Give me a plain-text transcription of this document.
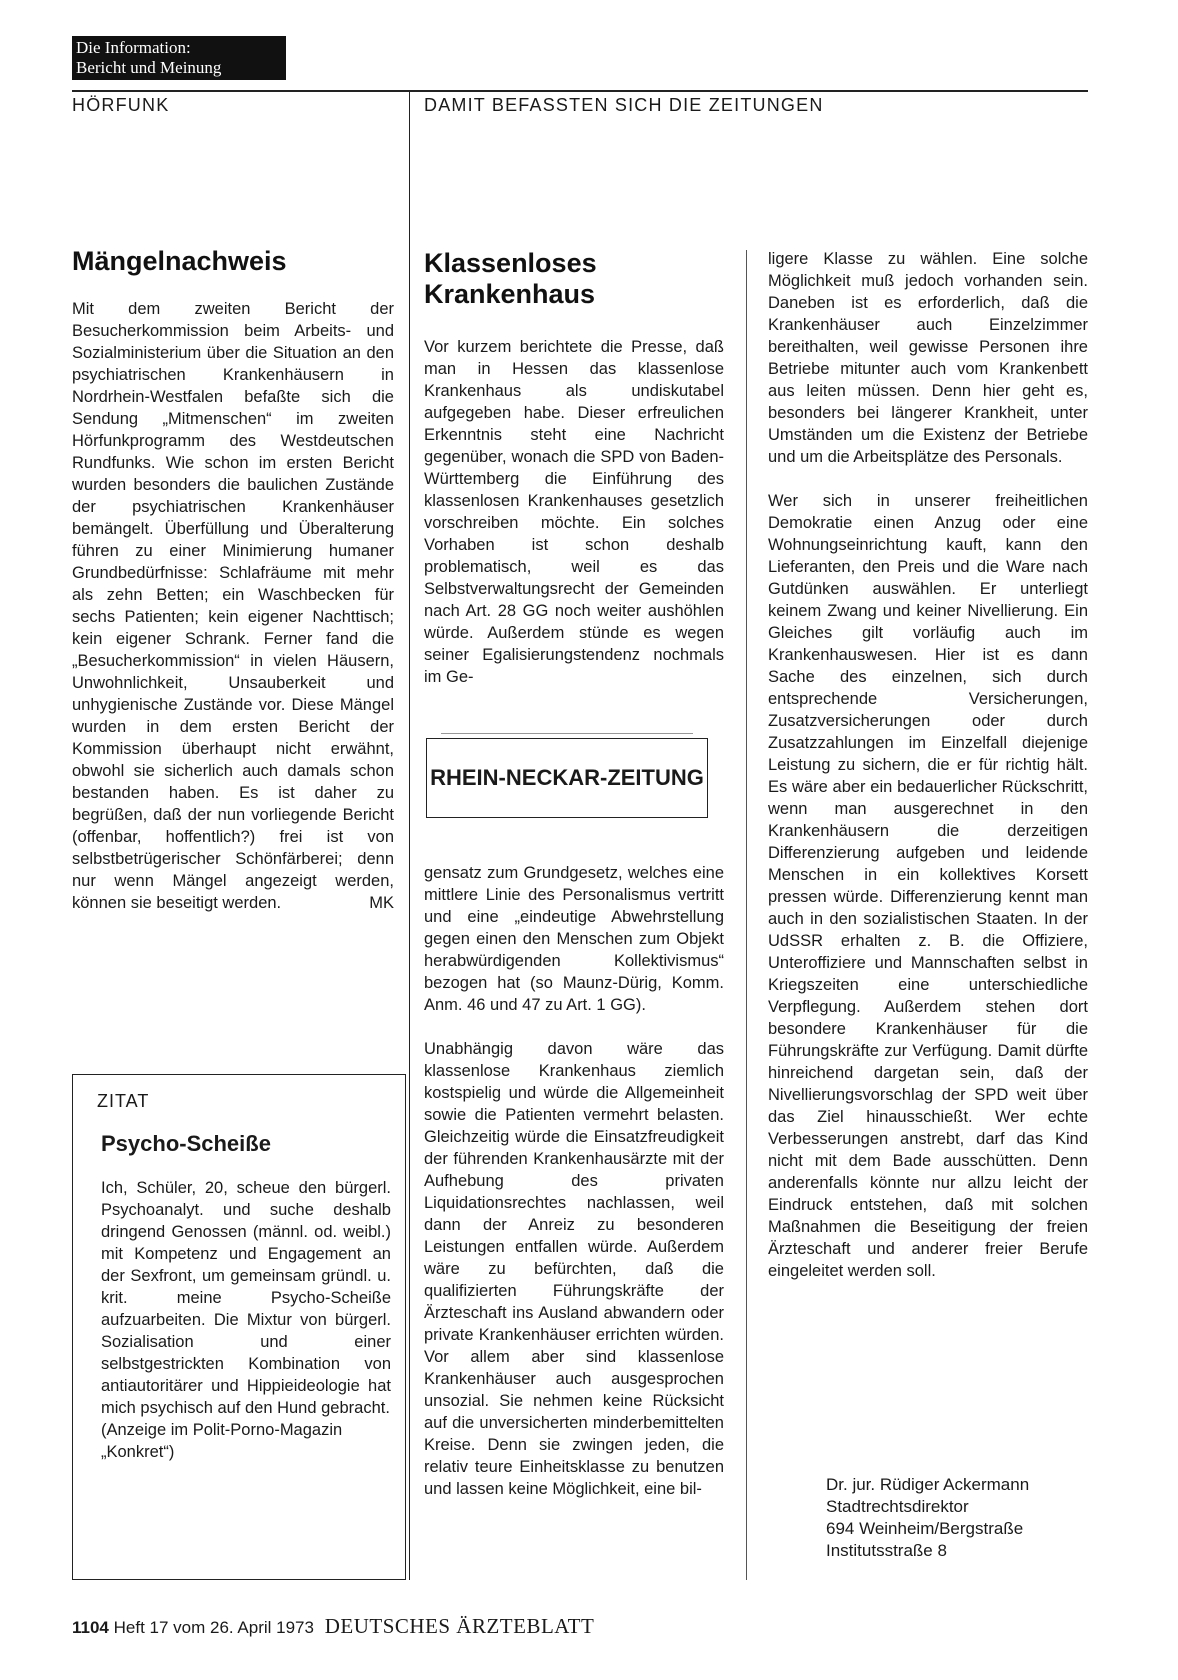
Die Information:
Bericht und Meinung
HÖRFUNK	DAMIT BEFASSTEN SICH DIE ZEITUNGEN
Mängelnachweis

Mit dem zweiten Bericht der Besucherkommission beim Arbeits- und Sozialministerium über die Situation an den psychiatrischen Krankenhäusern in Nordrhein-Westfalen befaßte sich die Sendung „Mitmenschen“ im zweiten Hörfunkprogramm des Westdeutschen Rundfunks. Wie schon im ersten Bericht wurden besonders die baulichen Zustände der psychiatrischen Krankenhäuser bemängelt. Überfüllung und Überalterung führen zu einer Minimierung humaner Grundbedürfnisse: Schlafräume mit mehr als zehn Betten; ein Waschbecken für sechs Patienten; kein eigener Nachttisch; kein eigener Schrank. Ferner fand die „Besucherkommission“ in vielen Häusern, Unwohnlichkeit, Unsauberkeit und unhygienische Zustände vor. Diese Mängel wurden in dem ersten Bericht der Kommission überhaupt nicht erwähnt, obwohl sie sicherlich auch damals schon bestanden haben. Es ist daher zu begrüßen, daß der nun vorliegende Bericht (offenbar, hoffentlich?) frei ist von selbstbetrügerischer Schönfärberei; denn nur wenn Mängel angezeigt werden, können sie beseitigt werden.	MK

ZITAT
Psycho-Scheiße

Ich, Schüler, 20, scheue den bürgerl. Psychoanalyt. und suche deshalb dringend Genossen (männl. od. weibl.) mit Kompetenz und Engagement an der Sexfront, um gemeinsam gründl. u. krit. meine Psycho-Scheiße aufzuarbeiten. Die Mixtur von bürgerl. Sozialisation und einer selbstgestrickten Kombination von antiautoritärer und Hippieideologie hat mich psychisch auf den Hund gebracht.

(Anzeige im Polit-Porno-Magazin „Konkret“)

Klassenloses Krankenhaus

Vor kurzem berichtete die Presse, daß man in Hessen das klassenlose Krankenhaus als undiskutabel aufgegeben habe. Dieser erfreulichen Erkenntnis steht eine Nachricht gegenüber, wonach die SPD von Baden-Württemberg die Einführung des klassenlosen Krankenhauses gesetzlich vorschreiben möchte. Ein solches Vorhaben ist schon deshalb problematisch, weil es das Selbstverwaltungsrecht der Gemeinden nach Art. 28 GG noch weiter aushöhlen würde. Außerdem stünde es wegen seiner Egalisierungstendenz nochmals im Ge-

RHEIN-NECKAR-ZEITUNG

gensatz zum Grundgesetz, welches eine mittlere Linie des Personalismus vertritt und eine „eindeutige Abwehrstellung gegen einen den Menschen zum Objekt herabwürdigenden Kollektivismus“ bezogen hat (so Maunz-Dürig, Komm. Anm. 46 und 47 zu Art. 1 GG).

Unabhängig davon wäre das klassenlose Krankenhaus ziemlich kostspielig und würde die Allgemeinheit sowie die Patienten vermehrt belasten. Gleichzeitig würde die Einsatzfreudigkeit der führenden Krankenhausärzte mit der Aufhebung des privaten Liquidationsrechtes nachlassen, weil dann der Anreiz zu besonderen Leistungen entfallen würde. Außerdem wäre zu befürchten, daß die qualifizierten Führungskräfte der Ärzteschaft ins Ausland abwandern oder private Krankenhäuser errichten würden. Vor allem aber sind klassenlose Krankenhäuser auch ausgesprochen unsozial. Sie nehmen keine Rücksicht auf die unversicherten minderbemittelten Kreise. Denn sie zwingen jeden, die relativ teure Einheitsklasse zu benutzen und lassen keine Möglichkeit, eine bil-

ligere Klasse zu wählen. Eine solche Möglichkeit muß jedoch vorhanden sein. Daneben ist es erforderlich, daß die Krankenhäuser auch Einzelzimmer bereithalten, weil gewisse Personen ihre Betriebe mitunter auch vom Krankenbett aus leiten müssen. Denn hier geht es, besonders bei längerer Krankheit, unter Umständen um die Existenz der Betriebe und um die Arbeitsplätze des Personals.

Wer sich in unserer freiheitlichen Demokratie einen Anzug oder eine Wohnungseinrichtung kauft, kann den Lieferanten, den Preis und die Ware nach Gutdünken auswählen. Er unterliegt keinem Zwang und keiner Nivellierung. Ein Gleiches gilt vorläufig auch im Krankenhauswesen. Hier ist es dann Sache des einzelnen, sich durch entsprechende Versicherungen, Zusatzversicherungen oder durch Zusatzzahlungen im Einzelfall diejenige Leistung zu sichern, die er für richtig hält. Es wäre aber ein bedauerlicher Rückschritt, wenn man ausgerechnet in den Krankenhäusern die derzeitigen Differenzierung aufgeben und leidende Menschen in ein kollektives Korsett pressen würde. Differenzierung kennt man auch in den sozialistischen Staaten. In der UdSSR erhalten z. B. die Offiziere, Unteroffiziere und Mannschaften selbst in Kriegszeiten eine unterschiedliche Verpflegung. Außerdem stehen dort besondere Krankenhäuser für die Führungskräfte zur Verfügung. Damit dürfte hinreichend dargetan sein, daß der Nivellierungsvorschlag der SPD weit über das Ziel hinausschießt. Wer echte Verbesserungen anstrebt, darf das Kind nicht mit dem Bade ausschütten. Denn anderenfalls könnte nur allzu leicht der Eindruck entstehen, daß mit solchen Maßnahmen die Beseitigung der freien Ärzteschaft und anderer freier Berufe eingeleitet werden soll.

Dr. jur. Rüdiger Ackermann
Stadtrechtsdirektor
694 Weinheim/Bergstraße
Institutsstraße 8
1104 Heft 17 vom 26. April 1973 DEUTSCHES ÄRZTEBLATT
